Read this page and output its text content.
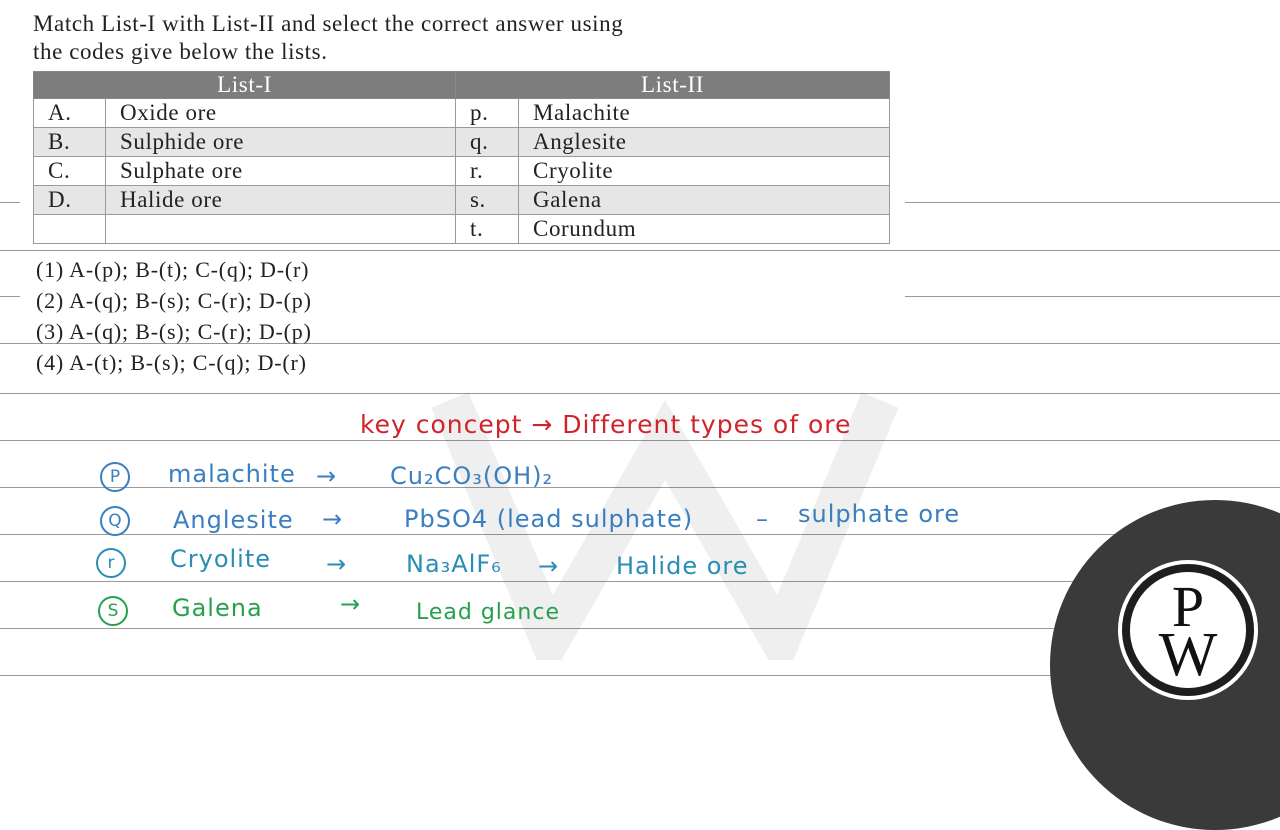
Match List-I with List-II and select the correct answer using
the codes give below the lists.
List-I		List-II	
A.	Oxide ore	p.	Malachite
B.	Sulphide ore	q.	Anglesite
C.	Sulphate ore	r.	Cryolite
D.	Halide ore	s.	Galena
		t.	Corundum
(1) A-(p); B-(t); C-(q); D-(r)
(2) A-(q); B-(s); C-(r); D-(p)
(3) A-(q); B-(s); C-(r); D-(p)
(4) A-(t); B-(s); C-(q); D-(r)
key concept → Different types of ore
P	malachite → Cu₂CO₃(OH)₂
Q	Anglesite →	PbSO4 (lead sulphate)	– sulphate ore
r	Cryolite → Na₃AlF₆ → Halide ore
S	Galena	→ Lead glance	P
W
